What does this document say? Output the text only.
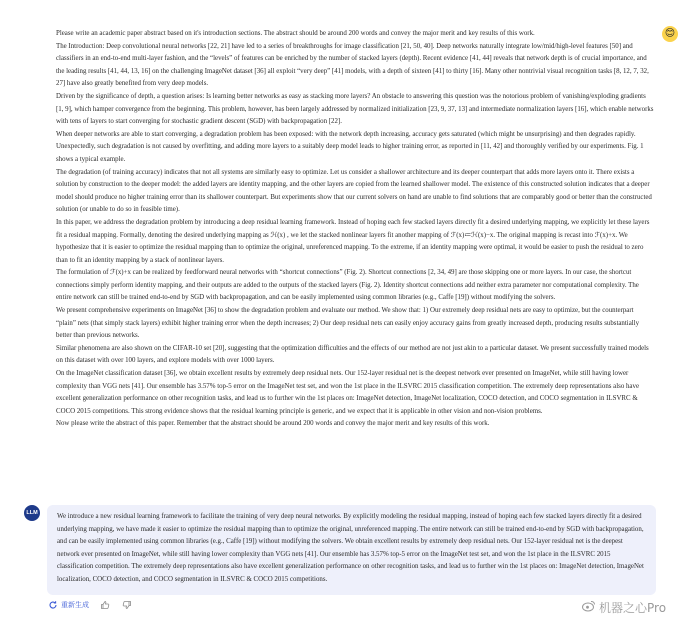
Please write an academic paper abstract based on it's introduction sections. The abstract should be around 200 words and convey the major merit and key results of this work.

The Introduction: Deep convolutional neural networks [22, 21] have led to a series of breakthroughs for image classification [21, 50, 40]. Deep networks naturally integrate low/mid/high-level features [50] and classifiers in an end-to-end multi-layer fashion, and the “levels” of features can be enriched by the number of stacked layers (depth). Recent evidence [41, 44] reveals that network depth is of crucial importance, and the leading results [41, 44, 13, 16] on the challenging ImageNet dataset [36] all exploit “very deep” [41] models, with a depth of sixteen [41] to thirty [16]. Many other nontrivial visual recognition tasks [8, 12, 7, 32, 27] have also greatly benefited from very deep models.

Driven by the significance of depth, a question arises: Is learning better networks as easy as stacking more layers? An obstacle to answering this question was the notorious problem of vanishing/exploding gradients [1, 9], which hamper convergence from the beginning. This problem, however, has been largely addressed by normalized initialization [23, 9, 37, 13] and intermediate normalization layers [16], which enable networks with tens of layers to start converging for stochastic gradient descent (SGD) with backpropagation [22].

When deeper networks are able to start converging, a degradation problem has been exposed: with the network depth increasing, accuracy gets saturated (which might be unsurprising) and then degrades rapidly. Unexpectedly, such degradation is not caused by overfitting, and adding more layers to a suitably deep model leads to higher training error, as reported in [11, 42] and thoroughly verified by our experiments. Fig. 1 shows a typical example.

The degradation (of training accuracy) indicates that not all systems are similarly easy to optimize. Let us consider a shallower architecture and its deeper counterpart that adds more layers onto it. There exists a solution by construction to the deeper model: the added layers are identity mapping, and the other layers are copied from the learned shallower model. The existence of this constructed solution indicates that a deeper model should produce no higher training error than its shallower counterpart. But experiments show that our current solvers on hand are unable to find solutions that are comparably good or better than the constructed solution (or unable to do so in feasible time).

In this paper, we address the degradation problem by introducing a deep residual learning framework. Instead of hoping each few stacked layers directly fit a desired underlying mapping, we explicitly let these layers fit a residual mapping. Formally, denoting the desired underlying mapping as ℋ(x) , we let the stacked nonlinear layers fit another mapping of ℱ(x)≔ℋ(x)−x. The original mapping is recast into ℱ(x)+x. We hypothesize that it is easier to optimize the residual mapping than to optimize the original, unreferenced mapping. To the extreme, if an identity mapping were optimal, it would be easier to push the residual to zero than to fit an identity mapping by a stack of nonlinear layers.

The formulation of ℱ(x)+x can be realized by feedforward neural networks with “shortcut connections” (Fig. 2). Shortcut connections [2, 34, 49] are those skipping one or more layers. In our case, the shortcut connections simply perform identity mapping, and their outputs are added to the outputs of the stacked layers (Fig. 2). Identity shortcut connections add neither extra parameter nor computational complexity. The entire network can still be trained end-to-end by SGD with backpropagation, and can be easily implemented using common libraries (e.g., Caffe [19]) without modifying the solvers.

We present comprehensive experiments on ImageNet [36] to show the degradation problem and evaluate our method. We show that: 1) Our extremely deep residual nets are easy to optimize, but the counterpart “plain” nets (that simply stack layers) exhibit higher training error when the depth increases; 2) Our deep residual nets can easily enjoy accuracy gains from greatly increased depth, producing results substantially better than previous networks.

Similar phenomena are also shown on the CIFAR-10 set [20], suggesting that the optimization difficulties and the effects of our method are not just akin to a particular dataset. We present successfully trained models on this dataset with over 100 layers, and explore models with over 1000 layers.

On the ImageNet classification dataset [36], we obtain excellent results by extremely deep residual nets. Our 152-layer residual net is the deepest network ever presented on ImageNet, while still having lower complexity than VGG nets [41]. Our ensemble has 3.57% top-5 error on the ImageNet test set, and won the 1st place in the ILSVRC 2015 classification competition. The extremely deep representations also have excellent generalization performance on other recognition tasks, and lead us to further win the 1st places on: ImageNet detection, ImageNet localization, COCO detection, and COCO segmentation in ILSVRC & COCO 2015 competitions. This strong evidence shows that the residual learning principle is generic, and we expect that it is applicable in other vision and non-vision problems.

Now please write the abstract of this paper. Remember that the abstract should be around 200 words and convey the major merit and key results of this work.

😊
LLM	We introduce a new residual learning framework to facilitate the training of very deep neural networks. By explicitly modeling the residual mapping, instead of hoping each few stacked layers directly fit a desired underlying mapping, we have made it easier to optimize the residual mapping than to optimize the original, unreferenced mapping. The entire network can still be trained end-to-end by SGD with backpropagation, and can be easily implemented using common libraries (e.g., Caffe [19]) without modifying the solvers. We obtain excellent results by extremely deep residual nets. Our 152-layer residual net is the deepest network ever presented on ImageNet, while still having lower complexity than VGG nets [41]. Our ensemble has 3.57% top-5 error on the ImageNet test set, and won the 1st place in the ILSVRC 2015 classification competition. The extremely deep representations also have excellent generalization performance on other recognition tasks, and lead us to further win the 1st places on: ImageNet detection, ImageNet localization, COCO detection, and COCO segmentation in ILSVRC & COCO 2015 competitions.

重新生成	机器之心Pro
